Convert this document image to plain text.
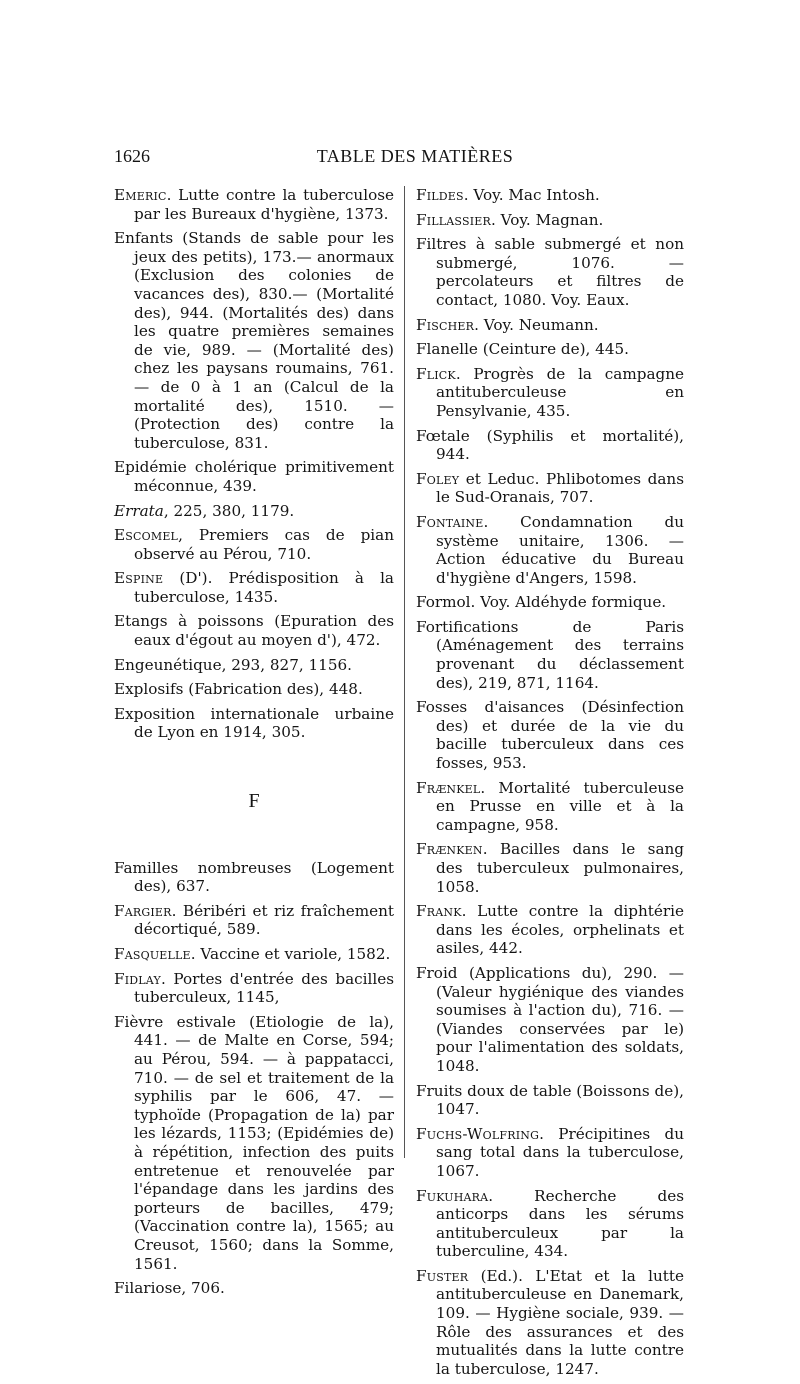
1626	TABLE DES MATIÈRES

Emeric. Lutte contre la tuberculose par les Bureaux d'hygiène, 1373.

Enfants (Stands de sable pour les jeux des petits), 173.— anormaux (Exclusion des colonies de vacances des), 830.— (Mortalité des), 944. (Mortalités des) dans les quatre premières semaines de vie, 989. — (Mortalité des) chez les paysans roumains, 761. — de 0 à 1 an (Calcul de la mortalité des), 1510. — (Protection des) contre la tuberculose, 831.

Epidémie cholérique primitivement méconnue, 439.

Errata, 225, 380, 1179.

Escomel, Premiers cas de pian observé au Pérou, 710.

Espine (D'). Prédisposition à la tuberculose, 1435.

Etangs à poissons (Epuration des eaux d'égout au moyen d'), 472.

Engeunétique, 293, 827, 1156.

Explosifs (Fabrication des), 448.

Exposition internationale urbaine de Lyon en 1914, 305.

F

Familles nombreuses (Logement des), 637.

Fargier. Béribéri et riz fraîchement décortiqué, 589.

Fasquelle. Vaccine et variole, 1582.

Fidlay. Portes d'entrée des bacilles tuberculeux, 1145,

Fièvre estivale (Etiologie de la), 441. — de Malte en Corse, 594; au Pérou, 594. — à pappatacci, 710. — de sel et traitement de la syphilis par le 606, 47. — typhoïde (Propagation de la) par les lézards, 1153; (Epidémies de) à répétition, infection des puits entretenue et renouvelée par l'épandage dans les jardins des porteurs de bacilles, 479; (Vaccination contre la), 1565; au Creusot, 1560; dans la Somme, 1561.

Filariose, 706.

Fildes. Voy. Mac Intosh.

Fillassier. Voy. Magnan.

Filtres à sable submergé et non submergé, 1076. — percolateurs et filtres de contact, 1080. Voy. Eaux.

Fischer. Voy. Neumann.

Flanelle (Ceinture de), 445.

Flick. Progrès de la campagne antituberculeuse en Pensylvanie, 435.

Fœtale (Syphilis et mortalité), 944.

Foley et Leduc. Phlibotomes dans le Sud-Oranais, 707.

Fontaine. Condamnation du système unitaire, 1306. — Action éducative du Bureau d'hygiène d'Angers, 1598.

Formol. Voy. Aldéhyde formique.

Fortifications de Paris (Aménagement des terrains provenant du déclassement des), 219, 871, 1164.

Fosses d'aisances (Désinfection des) et durée de la vie du bacille tuberculeux dans ces fosses, 953.

Frænkel. Mortalité tuberculeuse en Prusse en ville et à la campagne, 958.

Frænken. Bacilles dans le sang des tuberculeux pulmonaires, 1058.

Frank. Lutte contre la diphtérie dans les écoles, orphelinats et asiles, 442.

Froid (Applications du), 290. — (Valeur hygiénique des viandes soumises à l'action du), 716. — (Viandes conservées par le) pour l'alimentation des soldats, 1048.

Fruits doux de table (Boissons de), 1047.

Fuchs-Wolfring. Précipitines du sang total dans la tuberculose, 1067.

Fukuhara. Recherche des anticorps dans les sérums antituberculeux par la tuberculine, 434.

Fuster (Ed.). L'Etat et la lutte antituberculeuse en Danemark, 109. — Hygiène sociale, 939. — Rôle des assurances et des mutualités dans la lutte contre la tuberculose, 1247.
